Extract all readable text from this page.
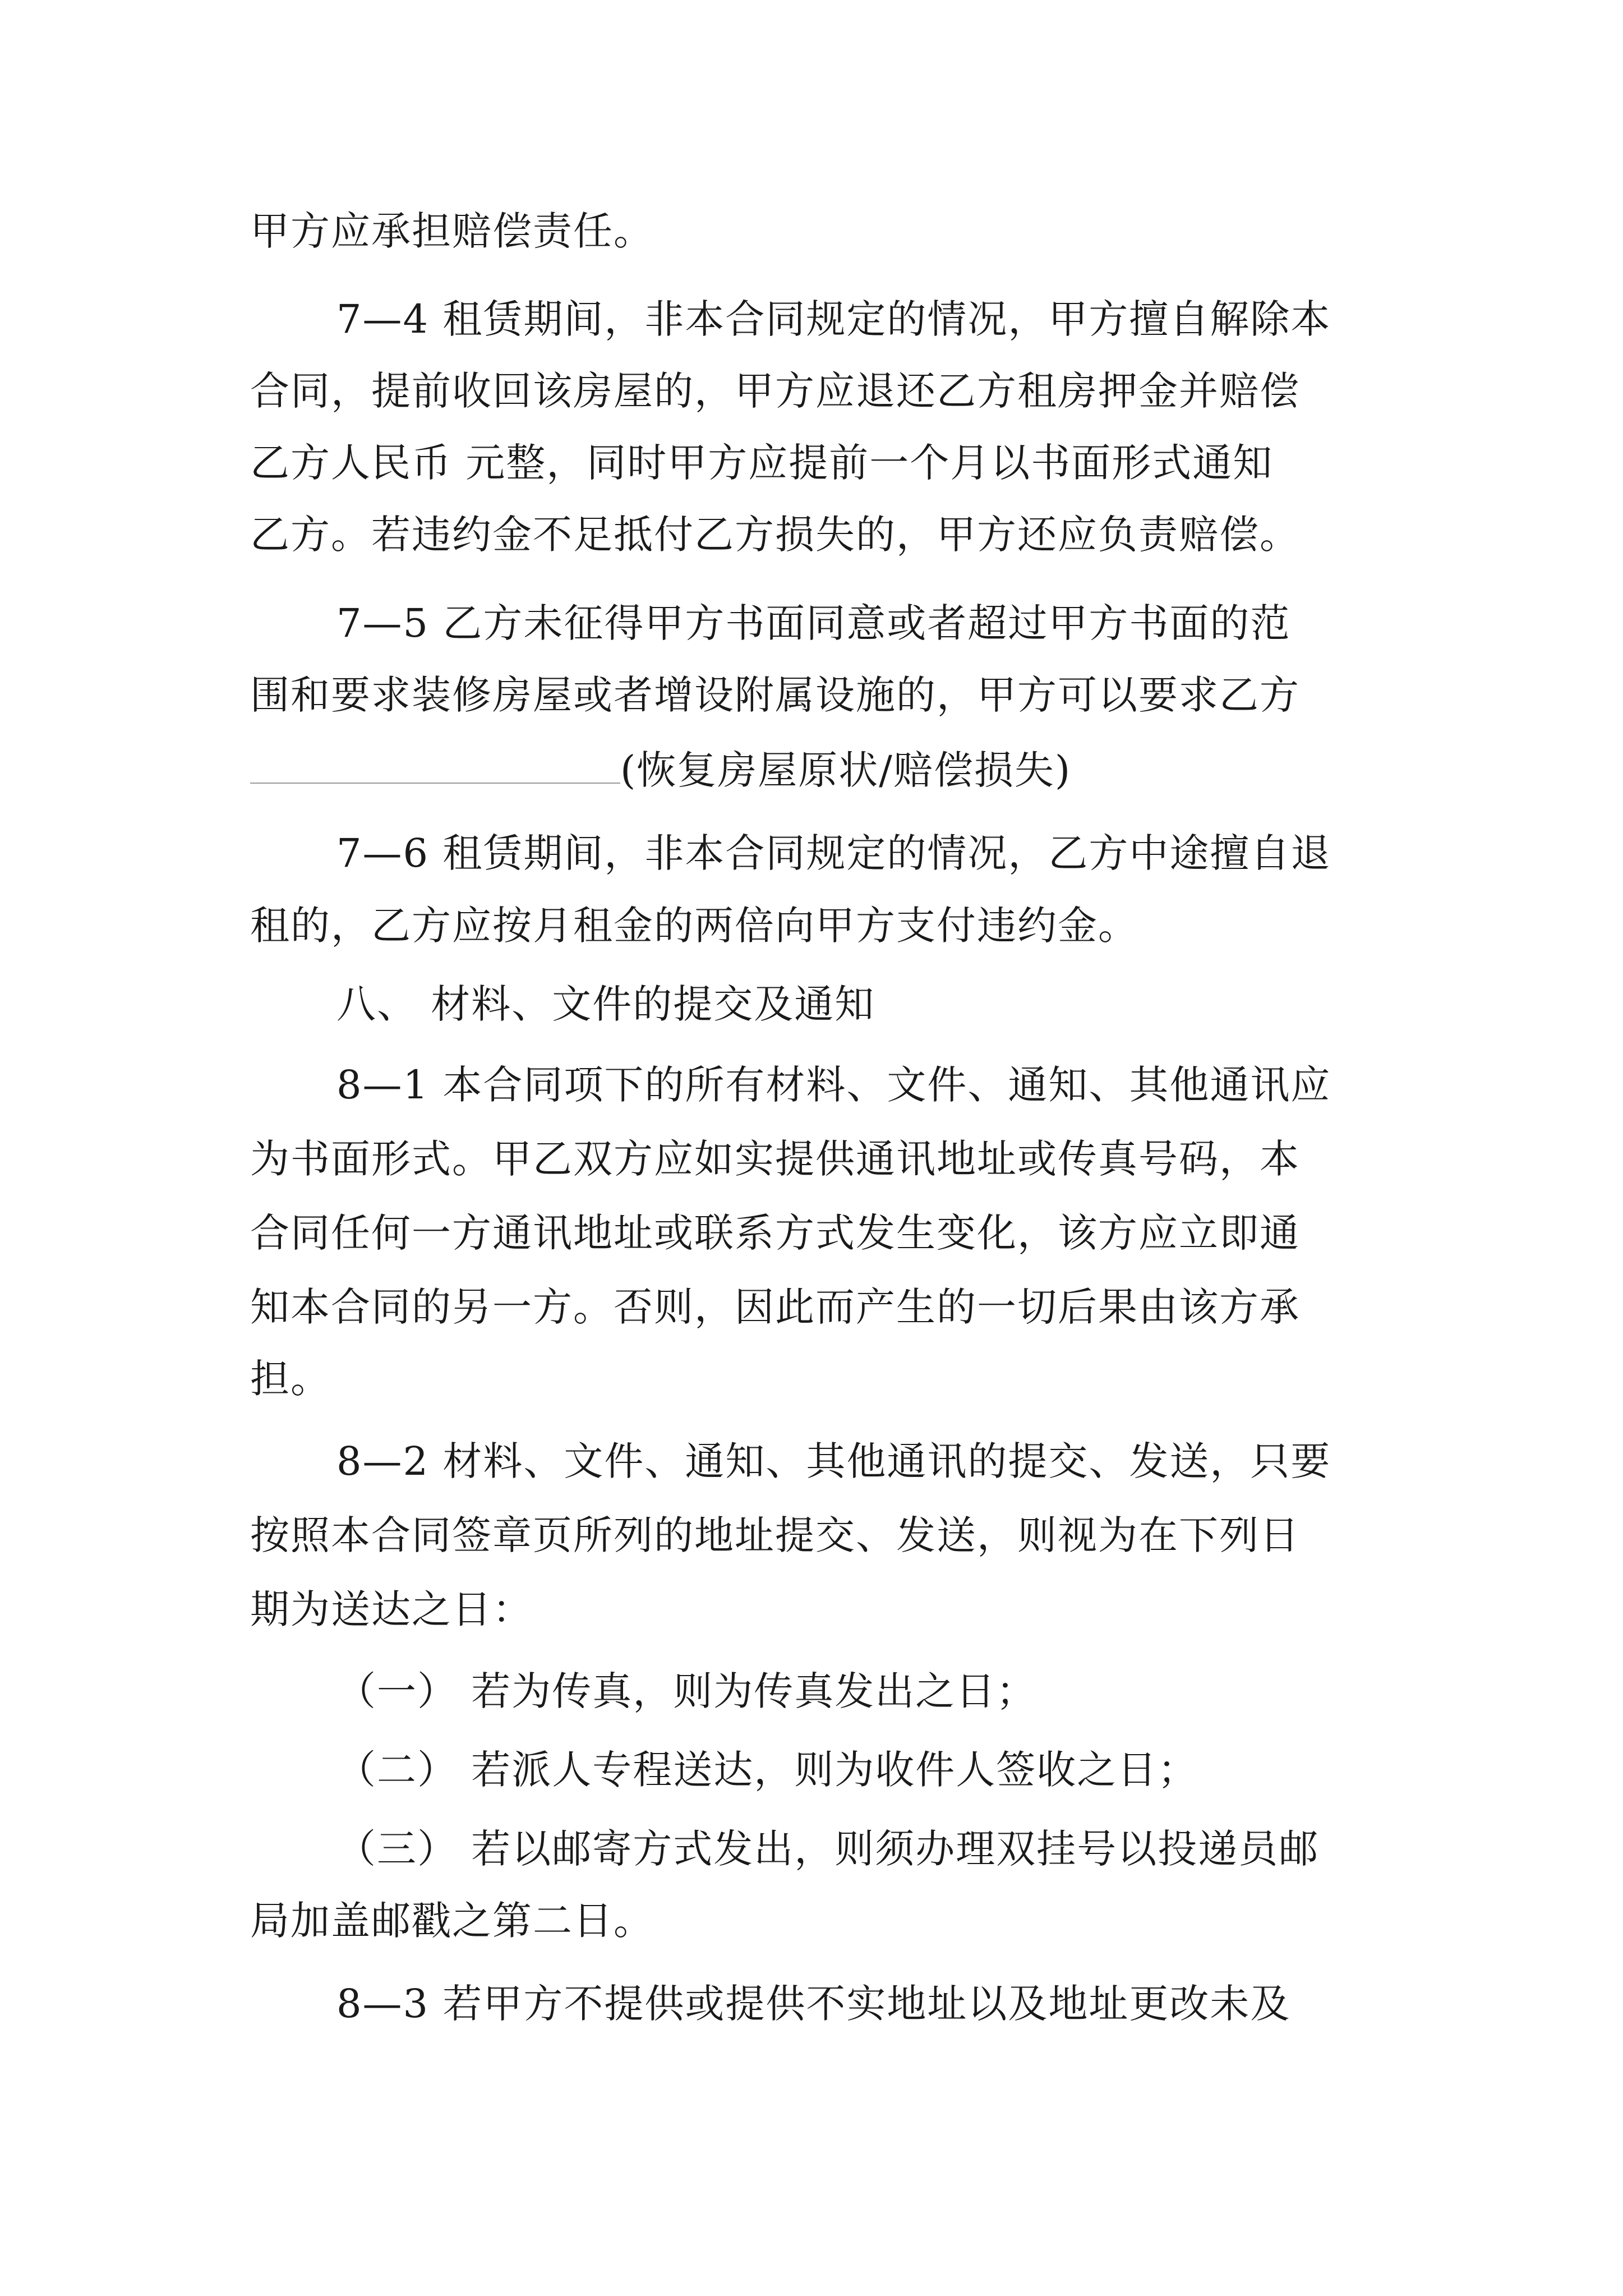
甲方应承担赔偿责任。
7—4 租赁期间，非本合同规定的情况，甲方擅自解除本
合同，提前收回该房屋的，甲方应退还乙方租房押金并赔偿
乙方人民币 元整，同时甲方应提前一个月以书面形式通知
乙方。若违约金不足抵付乙方损失的，甲方还应负责赔偿。
7—5 乙方未征得甲方书面同意或者超过甲方书面的范
围和要求装修房屋或者增设附属设施的，甲方可以要求乙方
(恢复房屋原状/赔偿损失)
7—6 租赁期间，非本合同规定的情况，乙方中途擅自退
租的，乙方应按月租金的两倍向甲方支付违约金。
八、 材料、文件的提交及通知
8—1 本合同项下的所有材料、文件、通知、其他通讯应
为书面形式。甲乙双方应如实提供通讯地址或传真号码，本
合同任何一方通讯地址或联系方式发生变化，该方应立即通
知本合同的另一方。否则，因此而产生的一切后果由该方承
担。
8—2 材料、文件、通知、其他通讯的提交、发送，只要
按照本合同签章页所列的地址提交、发送，则视为在下列日
期为送达之日：
（一） 若为传真，则为传真发出之日；
（二） 若派人专程送达，则为收件人签收之日；
（三） 若以邮寄方式发出，则须办理双挂号以投递员邮
局加盖邮戳之第二日。
8—3 若甲方不提供或提供不实地址以及地址更改未及
